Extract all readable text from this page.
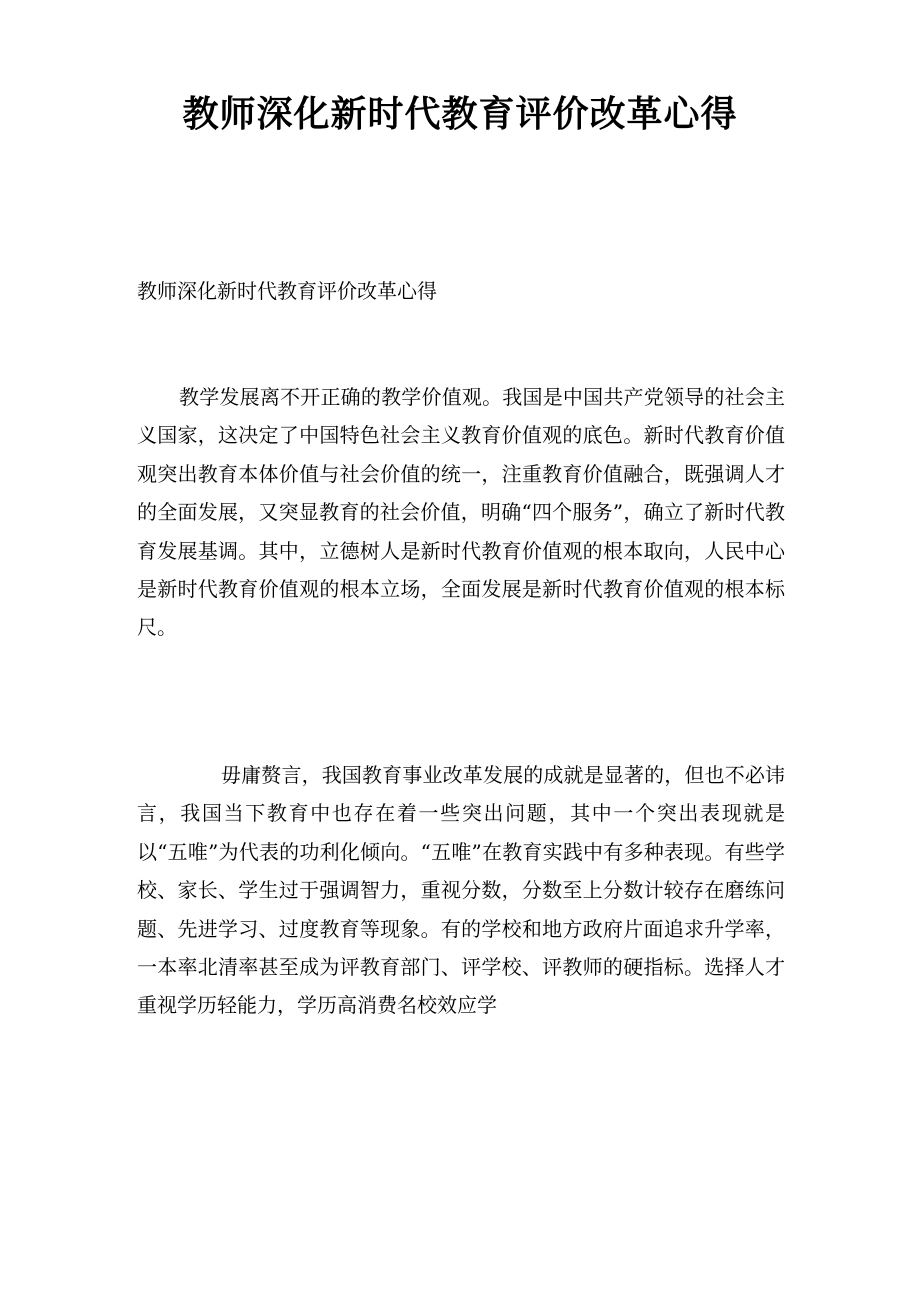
教师深化新时代教育评价改革心得

教师深化新时代教育评价改革心得

教学发展离不开正确的教学价值观。我国是中国共产党领导的社会主义国家，这决定了中国特色社会主义教育价值观的底色。新时代教育价值观突出教育本体价值与社会价值的统一，注重教育价值融合，既强调人才的全面发展，又突显教育的社会价值，明确“四个服务”，确立了新时代教育发展基调。其中，立德树人是新时代教育价值观的根本取向，人民中心是新时代教育价值观的根本立场，全面发展是新时代教育价值观的根本标尺。

毋庸赘言，我国教育事业改革发展的成就是显著的，但也不必讳言，我国当下教育中也存在着一些突出问题，其中一个突出表现就是以“五唯”为代表的功利化倾向。“五唯”在教育实践中有多种表现。有些学校、家长、学生过于强调智力，重视分数，分数至上分数计较存在磨练问题、先进学习、过度教育等现象。有的学校和地方政府片面追求升学率，一本率北清率甚至成为评教育部门、评学校、评教师的硬指标。选择人才重视学历轻能力，学历高消费名校效应学
